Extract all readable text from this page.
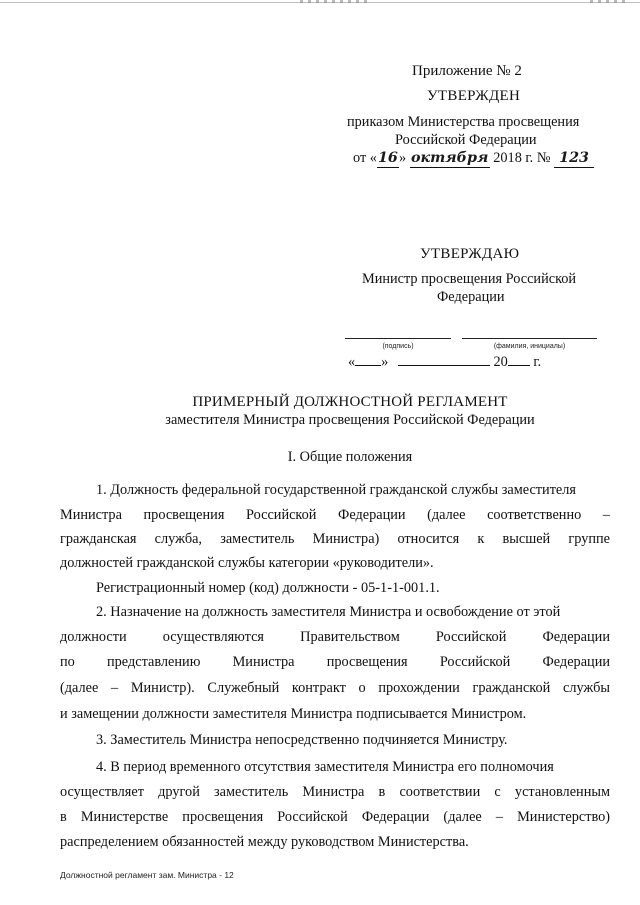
Приложение № 2
УТВЕРЖДЕН
приказом Министерства просвещения
Российской Федерации
от «16» октября 2018 г. № 123
УТВЕРЖДАЮ
Министр просвещения Российской
Федерации
(подпись)	(фамилия, инициалы)
« »	20 г.
ПРИМЕРНЫЙ ДОЛЖНОСТНОЙ РЕГЛАМЕНТ
заместителя Министра просвещения Российской Федерации
I. Общие положения
1. Должность федеральной государственной гражданской службы заместителя
Министра просвещения Российской Федерации (далее соответственно –
гражданская служба, заместитель Министра) относится к высшей группе
должностей гражданской службы категории «руководители».
Регистрационный номер (код) должности - 05-1-1-001.1.
2. Назначение на должность заместителя Министра и освобождение от этой
должности осуществляются Правительством Российской Федерации
по представлению Министра просвещения Российской Федерации
(далее – Министр). Служебный контракт о прохождении гражданской службы
и замещении должности заместителя Министра подписывается Министром.
3. Заместитель Министра непосредственно подчиняется Министру.
4. В период временного отсутствия заместителя Министра его полномочия
осуществляет другой заместитель Министра в соответствии с установленным
в Министерстве просвещения Российской Федерации (далее – Министерство)
распределением обязанностей между руководством Министерства.
Должностной регламент зам. Министра - 12
